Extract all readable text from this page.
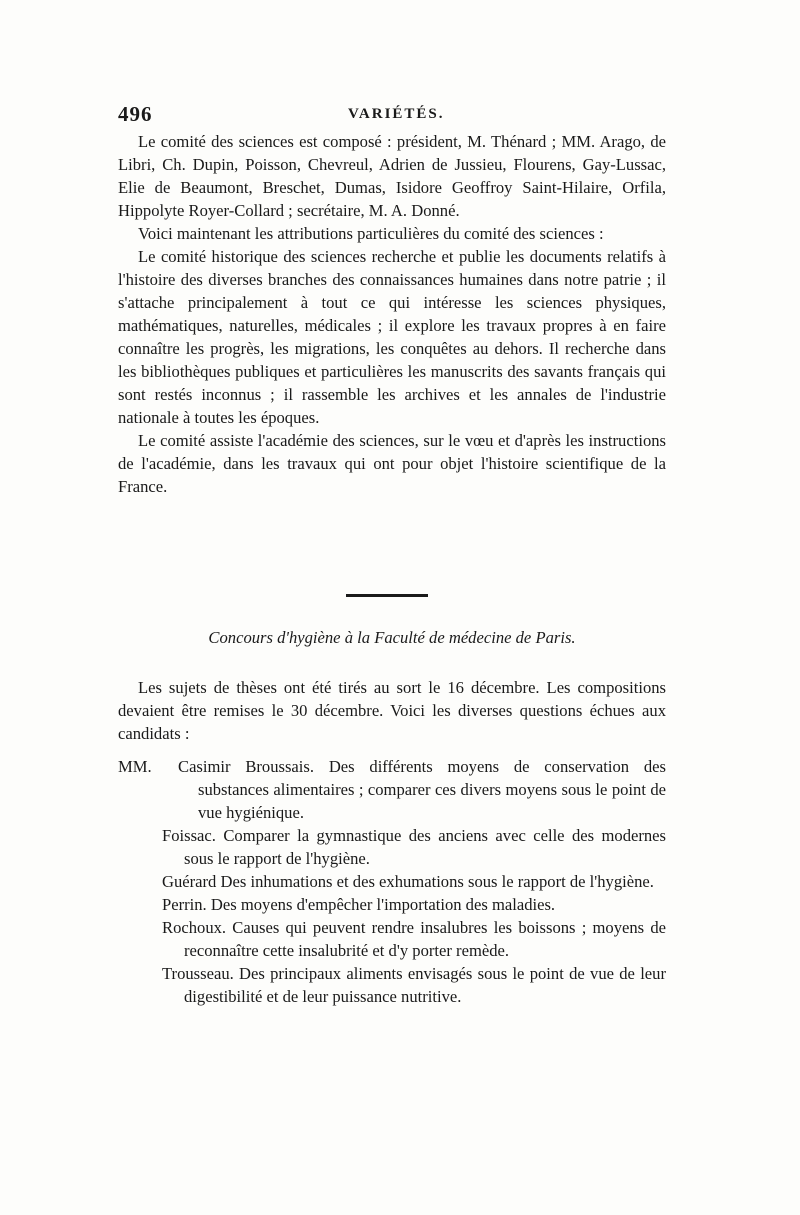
496	VARIÉTÉS.

Le comité des sciences est composé : président, M. Thénard ; MM. Arago, de Libri, Ch. Dupin, Poisson, Chevreul, Adrien de Jussieu, Flourens, Gay-Lussac, Elie de Beaumont, Breschet, Dumas, Isidore Geoffroy Saint-Hilaire, Orfila, Hippolyte Royer-Collard ; secrétaire, M. A. Donné.

Voici maintenant les attributions particulières du comité des sciences :

Le comité historique des sciences recherche et publie les documents relatifs à l'histoire des diverses branches des connaissances humaines dans notre patrie ; il s'attache principalement à tout ce qui intéresse les sciences physiques, mathématiques, naturelles, médicales ; il explore les travaux propres à en faire connaître les progrès, les migrations, les conquêtes au dehors. Il recherche dans les bibliothèques publiques et particulières les manuscrits des savants français qui sont restés inconnus ; il rassemble les archives et les annales de l'industrie nationale à toutes les époques.

Le comité assiste l'académie des sciences, sur le vœu et d'après les instructions de l'académie, dans les travaux qui ont pour objet l'histoire scientifique de la France.

Concours d'hygiène à la Faculté de médecine de Paris.

Les sujets de thèses ont été tirés au sort le 16 décembre. Les compositions devaient être remises le 30 décembre. Voici les diverses questions échues aux candidats :

MM. Casimir Broussais. Des différents moyens de conservation des substances alimentaires ; comparer ces divers moyens sous le point de vue hygiénique.

Foissac. Comparer la gymnastique des anciens avec celle des modernes sous le rapport de l'hygiène.

Guérard Des inhumations et des exhumations sous le rapport de l'hygiène.

Perrin. Des moyens d'empêcher l'importation des maladies.

Rochoux. Causes qui peuvent rendre insalubres les boissons ; moyens de reconnaître cette insalubrité et d'y porter remède.

Trousseau. Des principaux aliments envisagés sous le point de vue de leur digestibilité et de leur puissance nutritive.
